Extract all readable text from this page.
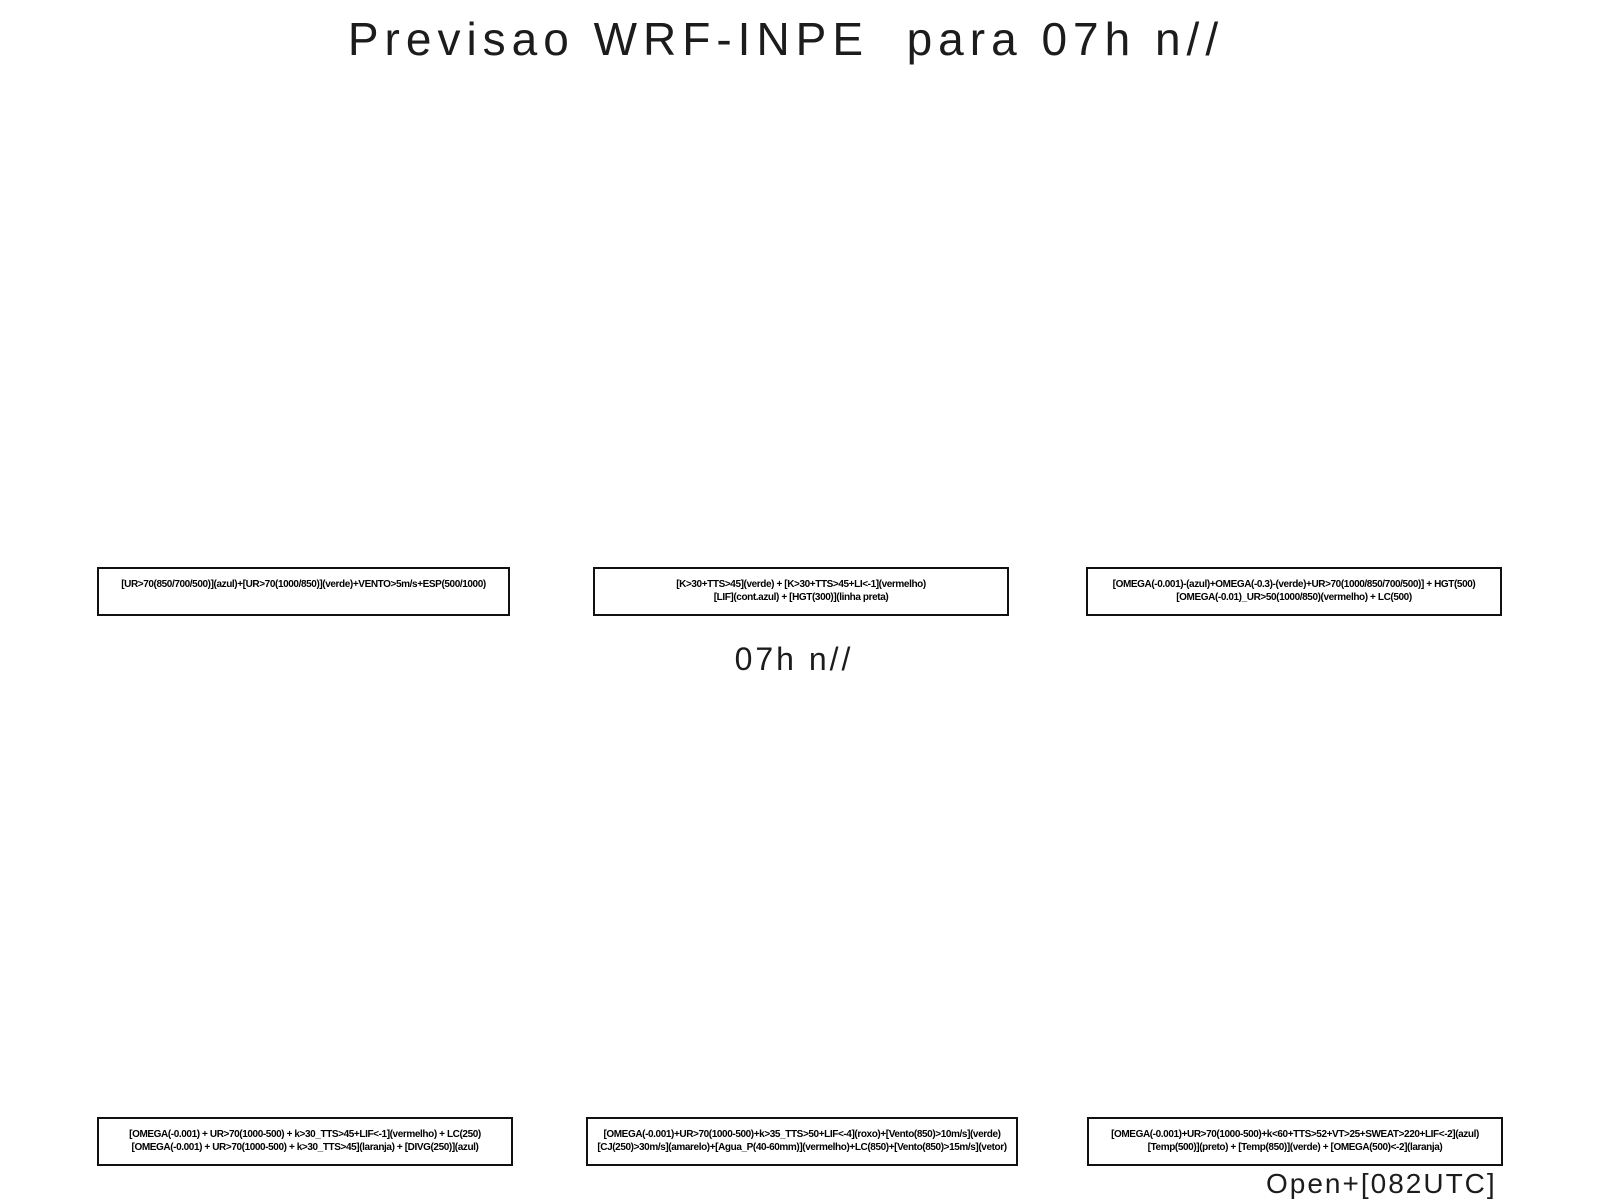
Previsao WRF-INPE  para 07h n//
[UR>70(850/700/500)](azul)+[UR>70(1000/850)](verde)+VENTO>5m/s+ESP(500/1000)	[K>30+TTS>45](verde) + [K>30+TTS>45+LI<-1](vermelho)
[LIF](cont.azul) + [HGT(300)](linha preta)
[OMEGA(-0.001)-(azul)+OMEGA(-0.3)-(verde)+UR>70(1000/850/700/500)] + HGT(500)
[OMEGA(-0.01)_UR>50(1000/850)(vermelho) + LC(500)
07h n//
[OMEGA(-0.001) + UR>70(1000-500) + k>30_TTS>45+LIF<-1](vermelho) + LC(250)
[OMEGA(-0.001) + UR>70(1000-500) + k>30_TTS>45](laranja) + [DIVG(250)](azul)
[OMEGA(-0.001)+UR>70(1000-500)+k>35_TTS>50+LIF<-4](roxo)+[Vento(850)>10m/s](verde)
[CJ(250)>30m/s](amarelo)+[Agua_P(40-60mm)](vermelho)+LC(850)+[Vento(850)>15m/s](vetor)
[OMEGA(-0.001)+UR>70(1000-500)+k<60+TTS>52+VT>25+SWEAT>220+LIF<-2](azul)
[Temp(500)](preto) + [Temp(850)](verde) + [OMEGA(500)<-2](laranja)
Open+[082UTC]
